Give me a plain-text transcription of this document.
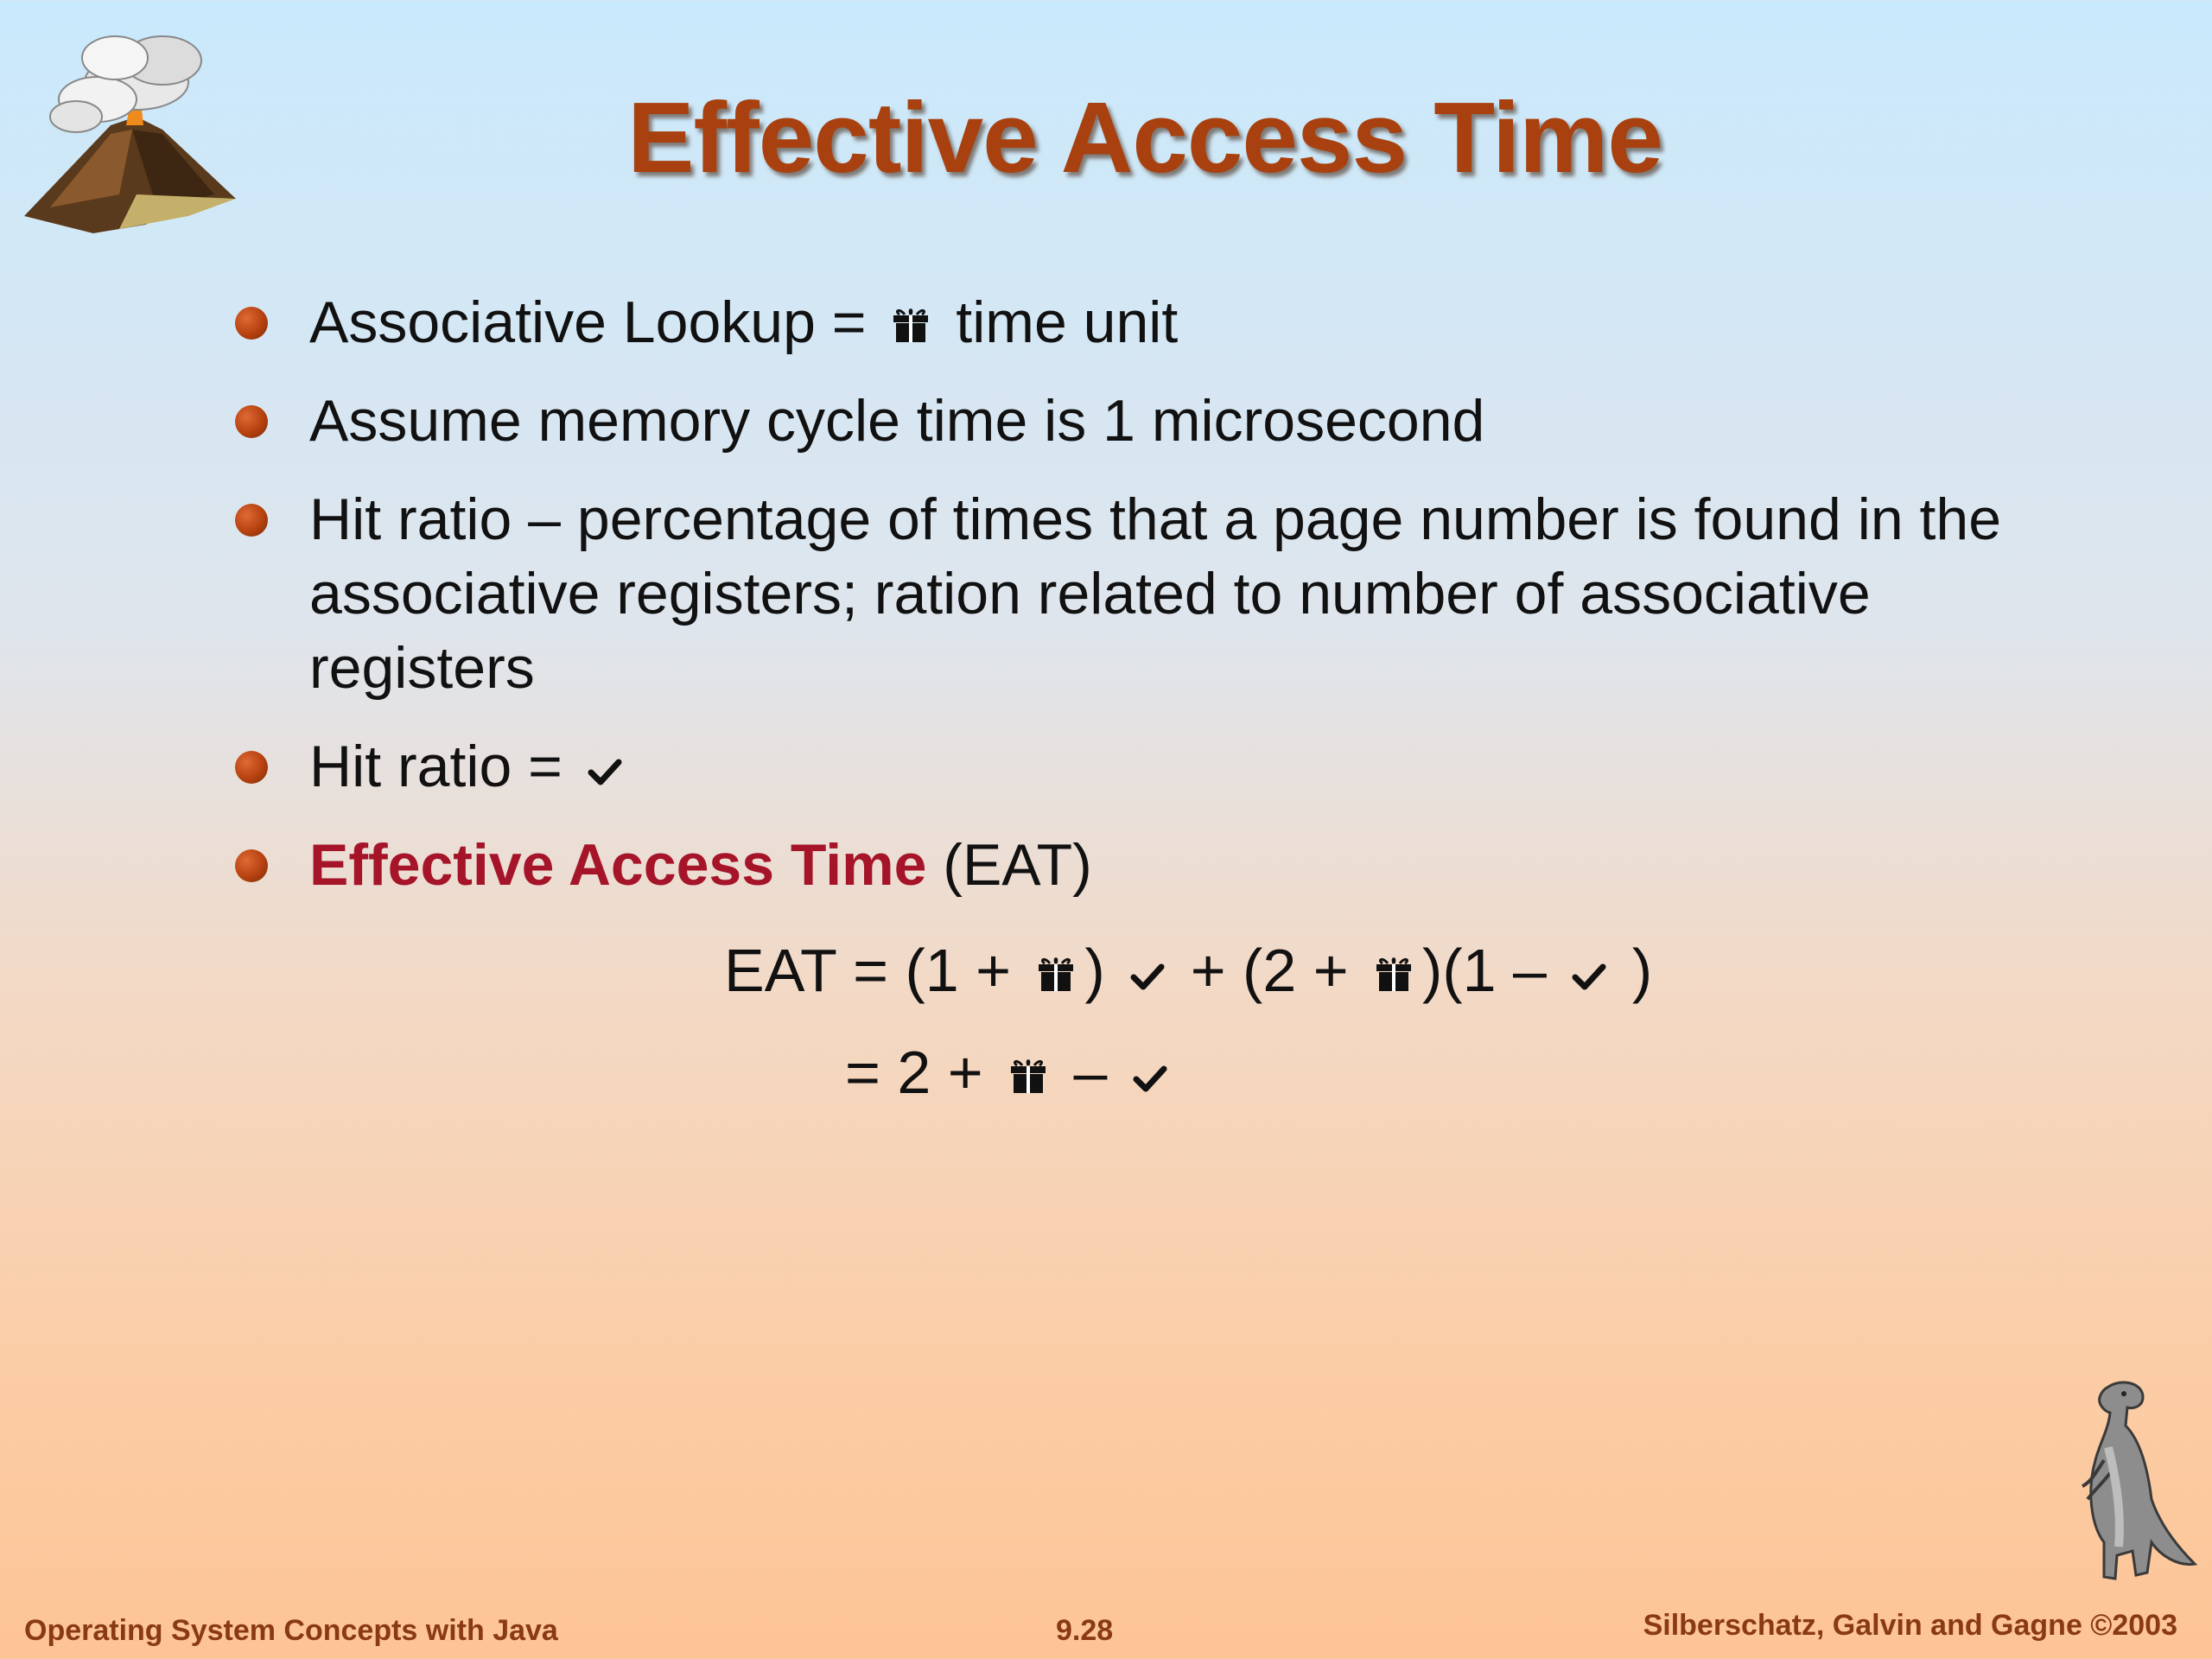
Effective Access Time
Associative Lookup =  time unit
Assume memory cycle time is 1 microsecond
Hit ratio – percentage of times that a page number is found in the
associative registers; ration related to number of associative
registers
Hit ratio =
Effective Access Time (EAT)
EAT = (1 + )  + (2 + )(1 –  )
= 2 +  –
Operating System Concepts with Java	9.28	Silberschatz, Galvin and Gagne ©2003
